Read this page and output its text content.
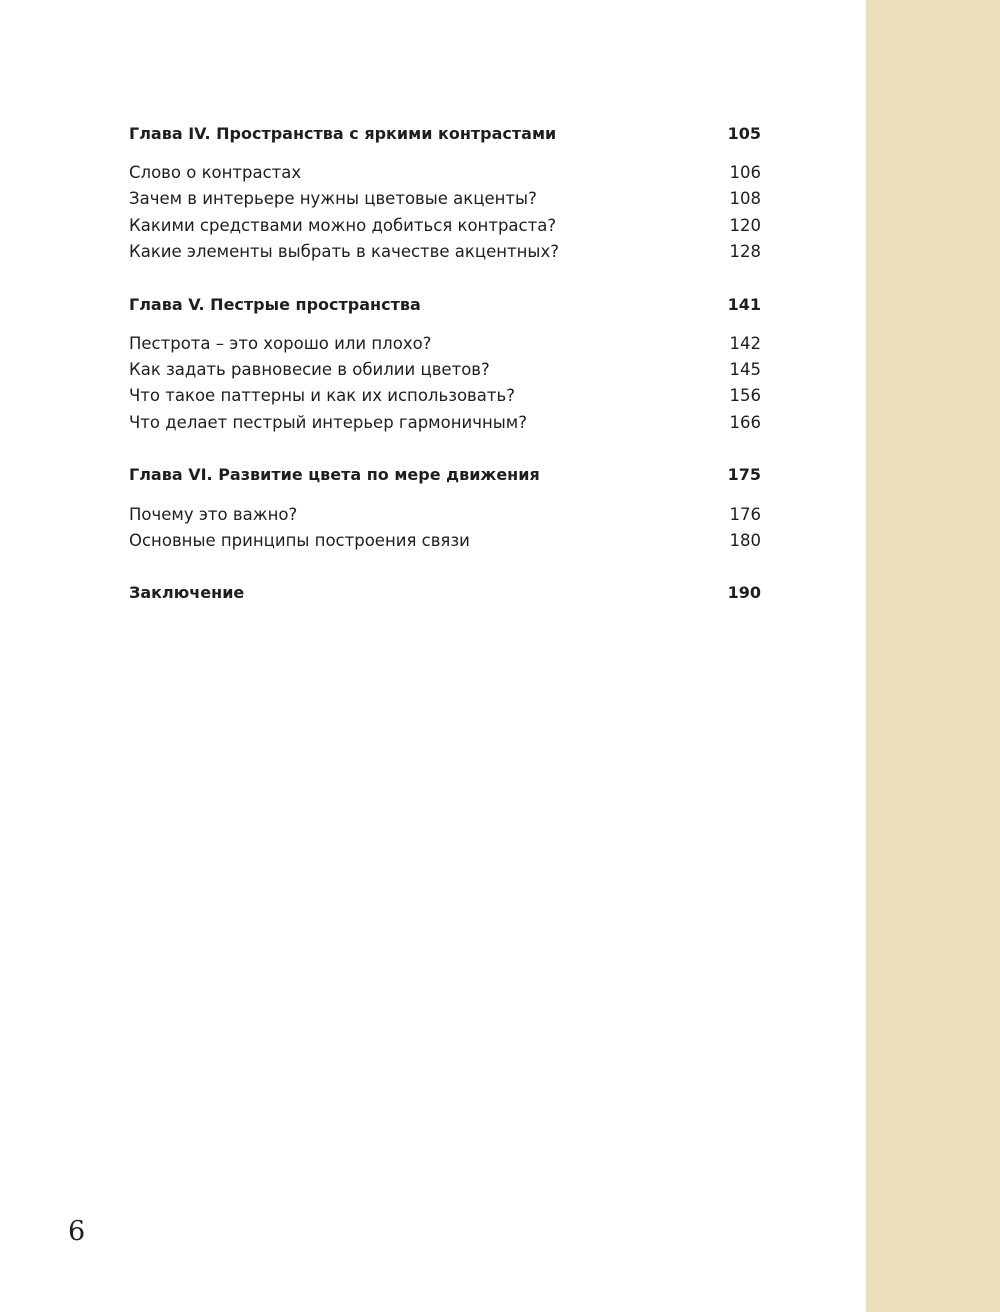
Глава IV. Пространства с яркими контрастами	105
Слово о контрастах	106
Зачем в интерьере нужны цветовые акценты?	108
Какими средствами можно добиться контраста?	120
Какие элементы выбрать в качестве акцентных?	128
Глава V. Пестрые пространства	141
Пестрота – это хорошо или плохо?	142
Как задать равновесие в обилии цветов?	145
Что такое паттерны и как их использовать?	156
Что делает пестрый интерьер гармоничным?	166
Глава VI. Развитие цвета по мере движения	175
Почему это важно?	176
Основные принципы построения связи	180
Заключение	190
6
